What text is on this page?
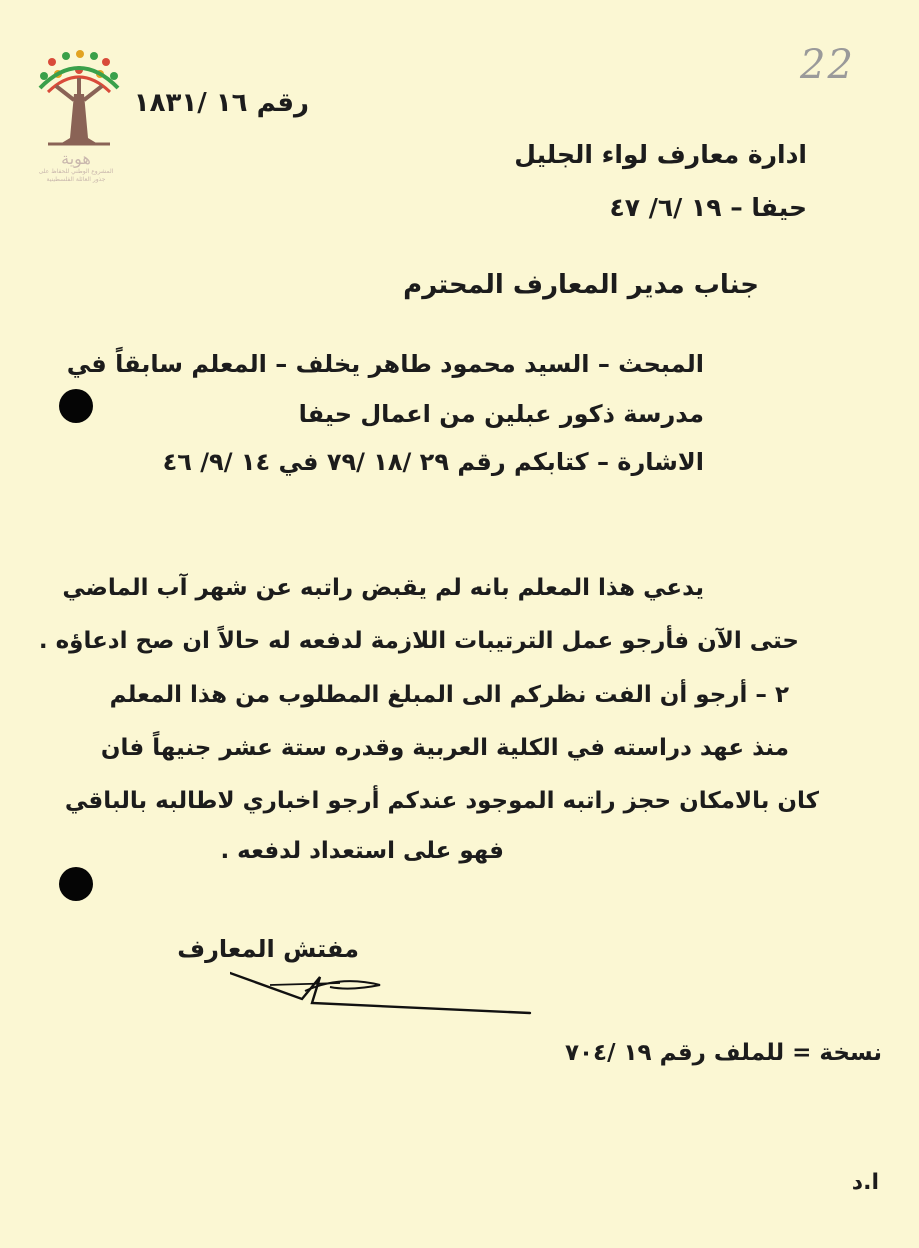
هوية
المشروع الوطني للحفاظ على
جذور العائلة الفلسطينية
22
رقم ١٦ /١٨٣١
ادارة معارف لواء الجليل
حيفا – ١٩ /٦/ ٤٧
جناب مدير المعارف المحترم
المبحث – السيد محمود طاهر يخلف – المعلم سابقاً في
مدرسة ذكور عبلين من اعمال حيفا
الاشارة – كتابكم رقم ٢٩ /١٨ /٧٩ في ١٤ /٩/ ٤٦
يدعي هذا المعلم بانه لم يقبض راتبه عن شهر آب الماضي
حتى الآن فأرجو عمل الترتيبات اللازمة لدفعه له حالاً ان صح ادعاؤه .
٢ – أرجو أن الفت نظركم الى المبلغ المطلوب من هذا المعلم
منذ عهد دراسته في الكلية العربية وقدره ستة عشر جنيهاً فان
كان بالامكان حجز راتبه الموجود عندكم أرجو اخباري لاطالبه بالباقي
فهو على استعداد لدفعه .
مفتش المعارف
نسخة = للملف رقم ١٩ /٧٠٤
ا.د
